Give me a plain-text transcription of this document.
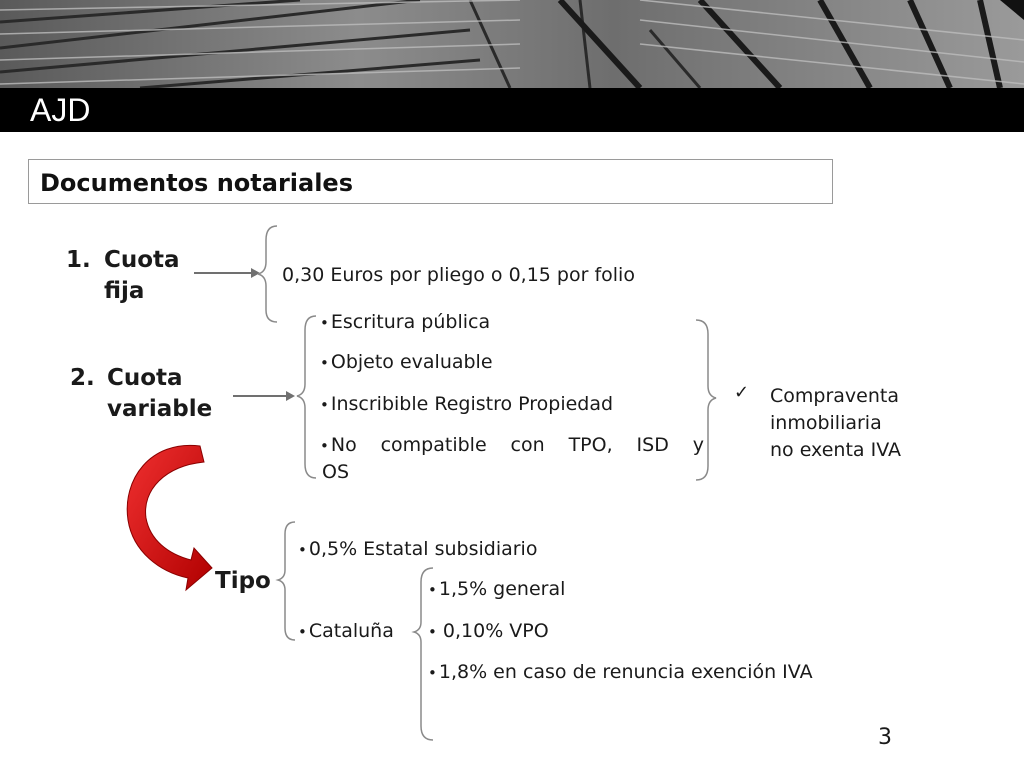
AJD
Documentos notariales
1. Cuota
fija
0,30 Euros por pliego o 0,15 por folio
2. Cuota
variable
• Escritura pública
• Objeto evaluable
• Inscribible Registro Propiedad
• No compatible con TPO, ISD y
OS
✓ Compraventa
inmobiliaria
no exenta IVA
Tipo
• 0,5% Estatal subsidiario
• Cataluña
• 1,5% general
• 0,10% VPO
• 1,8% en caso de renuncia exención IVA
3
